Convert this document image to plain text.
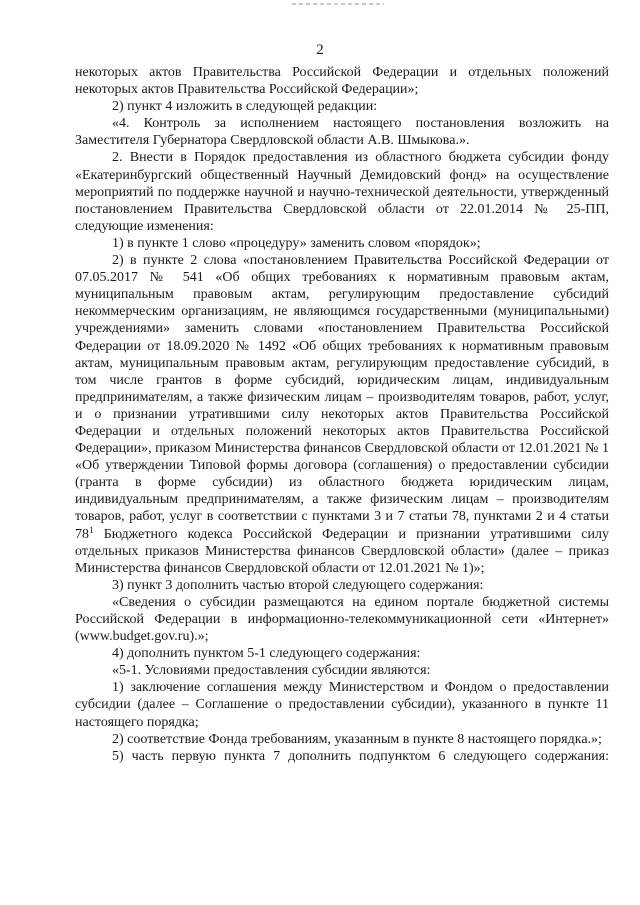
2

некоторых актов Правительства Российской Федерации и отдельных положений некоторых актов Правительства Российской Федерации»;

2) пункт 4 изложить в следующей редакции:

«4. Контроль за исполнением настоящего постановления возложить на Заместителя Губернатора Свердловской области А.В. Шмыкова.».

2. Внести в Порядок предоставления из областного бюджета субсидии фонду «Екатеринбургский общественный Научный Демидовский фонд» на осуществление мероприятий по поддержке научной и научно-технической деятельности, утвержденный постановлением Правительства Свердловской области от 22.01.2014 № 25-ПП, следующие изменения:

1) в пункте 1 слово «процедуру» заменить словом «порядок»;

2) в пункте 2 слова «постановлением Правительства Российской Федерации от 07.05.2017 № 541 «Об общих требованиях к нормативным правовым актам, муниципальным правовым актам, регулирующим предоставление субсидий некоммерческим организациям, не являющимся государственными (муниципальными) учреждениями» заменить словами «постановлением Правительства Российской Федерации от 18.09.2020 № 1492 «Об общих требованиях к нормативным правовым актам, муниципальным правовым актам, регулирующим предоставление субсидий, в том числе грантов в форме субсидий, юридическим лицам, индивидуальным предпринимателям, а также физическим лицам – производителям товаров, работ, услуг, и о признании утратившими силу некоторых актов Правительства Российской Федерации и отдельных положений некоторых актов Правительства Российской Федерации», приказом Министерства финансов Свердловской области от 12.01.2021 № 1 «Об утверждении Типовой формы договора (соглашения) о предоставлении субсидии (гранта в форме субсидии) из областного бюджета юридическим лицам, индивидуальным предпринимателям, а также физическим лицам – производителям товаров, работ, услуг в соответствии с пунктами 3 и 7 статьи 78, пунктами 2 и 4 статьи $78^1$ Бюджетного кодекса Российской Федерации и признании утратившими силу отдельных приказов Министерства финансов Свердловской области» (далее – приказ Министерства финансов Свердловской области от 12.01.2021 № 1)»;

3) пункт 3 дополнить частью второй следующего содержания:

«Сведения о субсидии размещаются на едином портале бюджетной системы Российской Федерации в информационно-телекоммуникационной сети «Интернет» (www.budget.gov.ru).»;

4) дополнить пунктом 5-1 следующего содержания:

«5-1. Условиями предоставления субсидии являются:

1) заключение соглашения между Министерством и Фондом о предоставлении субсидии (далее – Соглашение о предоставлении субсидии), указанного в пункте 11 настоящего порядка;

2) соответствие Фонда требованиям, указанным в пункте 8 настоящего порядка.»;

5) часть первую пункта 7 дополнить подпунктом 6 следующего содержания:
